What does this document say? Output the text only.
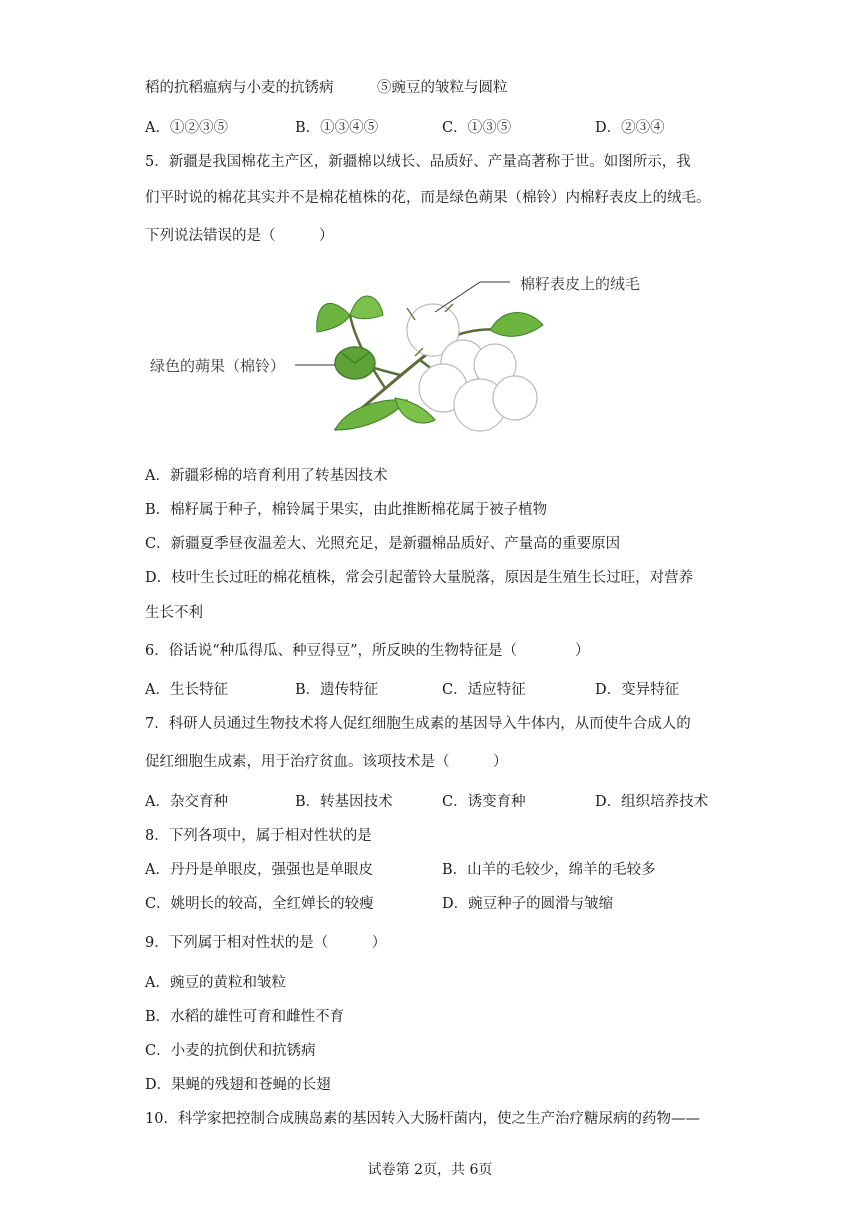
稻的抗稻瘟病与小麦的抗锈病　　　⑤豌豆的皱粒与圆粒
A．①②③⑤	B．①③④⑤	C．①③⑤	D．②③④
5．新疆是我国棉花主产区，新疆棉以绒长、品质好、产量高著称于世。如图所示，我
们平时说的棉花其实并不是棉花植株的花，而是绿色蒴果（棉铃）内棉籽表皮上的绒毛。
下列说法错误的是（　　　）
棉籽表皮上的绒毛
绿色的蒴果（棉铃）
A．新疆彩棉的培育利用了转基因技术
B．棉籽属于种子，棉铃属于果实，由此推断棉花属于被子植物
C．新疆夏季昼夜温差大、光照充足，是新疆棉品质好、产量高的重要原因
D．枝叶生长过旺的棉花植株，常会引起蕾铃大量脱落，原因是生殖生长过旺，对营养
生长不利
6．俗话说“种瓜得瓜、种豆得豆”，所反映的生物特征是（　　　　）
A．生长特征	B．遗传特征	C．适应特征	D．变异特征
7．科研人员通过生物技术将人促红细胞生成素的基因导入牛体内，从而使牛合成人的
促红细胞生成素，用于治疗贫血。该项技术是（　　　）
A．杂交育种	B．转基因技术	C．诱变育种	D．组织培养技术
8．下列各项中，属于相对性状的是
A．丹丹是单眼皮，强强也是单眼皮	B．山羊的毛较少，绵羊的毛较多
C．姚明长的较高，全红婵长的较瘦	D．豌豆种子的圆滑与皱缩
9．下列属于相对性状的是（　　　）
A．豌豆的黄粒和皱粒
B．水稻的雄性可育和雌性不育
C．小麦的抗倒伏和抗锈病
D．果蝇的残翅和苍蝇的长翅
10．科学家把控制合成胰岛素的基因转入大肠杆菌内，使之生产治疗糖尿病的药物——
试卷第 2页，共 6页
